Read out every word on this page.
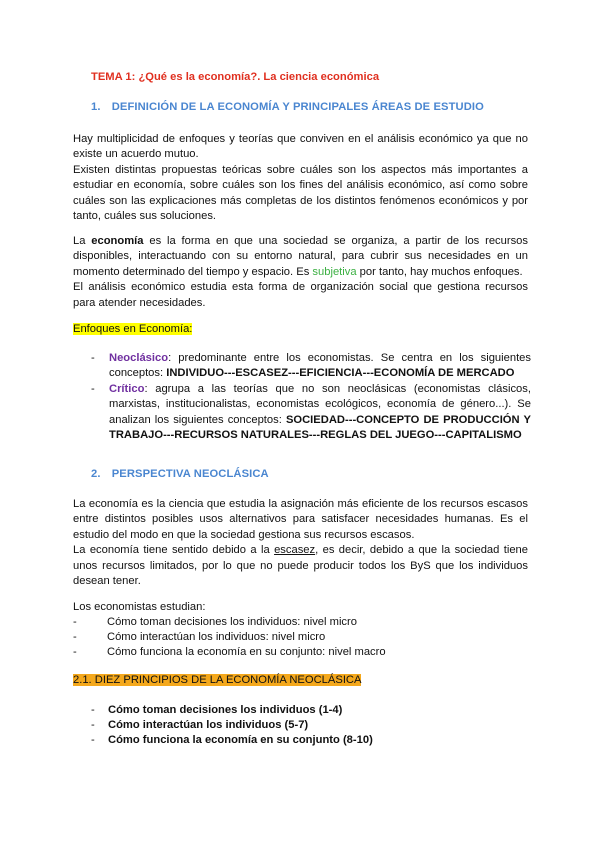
TEMA 1: ¿Qué es la economía?. La ciencia económica
1. DEFINICIÓN DE LA ECONOMÍA Y PRINCIPALES ÁREAS DE ESTUDIO

Hay multiplicidad de enfoques y teorías que conviven en el análisis económico ya que no existe un acuerdo mutuo.

Existen distintas propuestas teóricas sobre cuáles son los aspectos más importantes a estudiar en economía, sobre cuáles son los fines del análisis económico, así como sobre cuáles son las explicaciones más completas de los distintos fenómenos económicos y por tanto, cuáles sus soluciones.

La economía es la forma en que una sociedad se organiza, a partir de los recursos disponibles, interactuando con su entorno natural, para cubrir sus necesidades en un momento determinado del tiempo y espacio. Es subjetiva por tanto, hay muchos enfoques.

El análisis económico estudia esta forma de organización social que gestiona recursos para atender necesidades.

Enfoques en Economía:
- Neoclásico: predominante entre los economistas. Se centra en los siguientes conceptos: INDIVIDUO---ESCASEZ---EFICIENCIA---ECONOMÍA DE MERCADO
- Crítico: agrupa a las teorías que no son neoclásicas (economistas clásicos, marxistas, institucionalistas, economistas ecológicos, economía de género...). Se analizan los siguientes conceptos: SOCIEDAD---CONCEPTO DE PRODUCCIÓN Y TRABAJO---RECURSOS NATURALES---REGLAS DEL JUEGO---CAPITALISMO
2. PERSPECTIVA NEOCLÁSICA

La economía es la ciencia que estudia la asignación más eficiente de los recursos escasos entre distintos posibles usos alternativos para satisfacer necesidades humanas. Es el estudio del modo en que la sociedad gestiona sus recursos escasos.

La economía tiene sentido debido a la escasez, es decir, debido a que la sociedad tiene unos recursos limitados, por lo que no puede producir todos los ByS que los individuos desean tener.

Los economistas estudian:
-	Cómo toman decisiones los individuos: nivel micro
-	Cómo interactúan los individuos: nivel micro
-	Cómo funciona la economía en su conjunto: nivel macro
2.1. DIEZ PRINCIPIOS DE LA ECONOMÍA NEOCLÁSICA
- Cómo toman decisiones los individuos (1-4)
- Cómo interactúan los individuos (5-7)
- Cómo funciona la economía en su conjunto (8-10)
